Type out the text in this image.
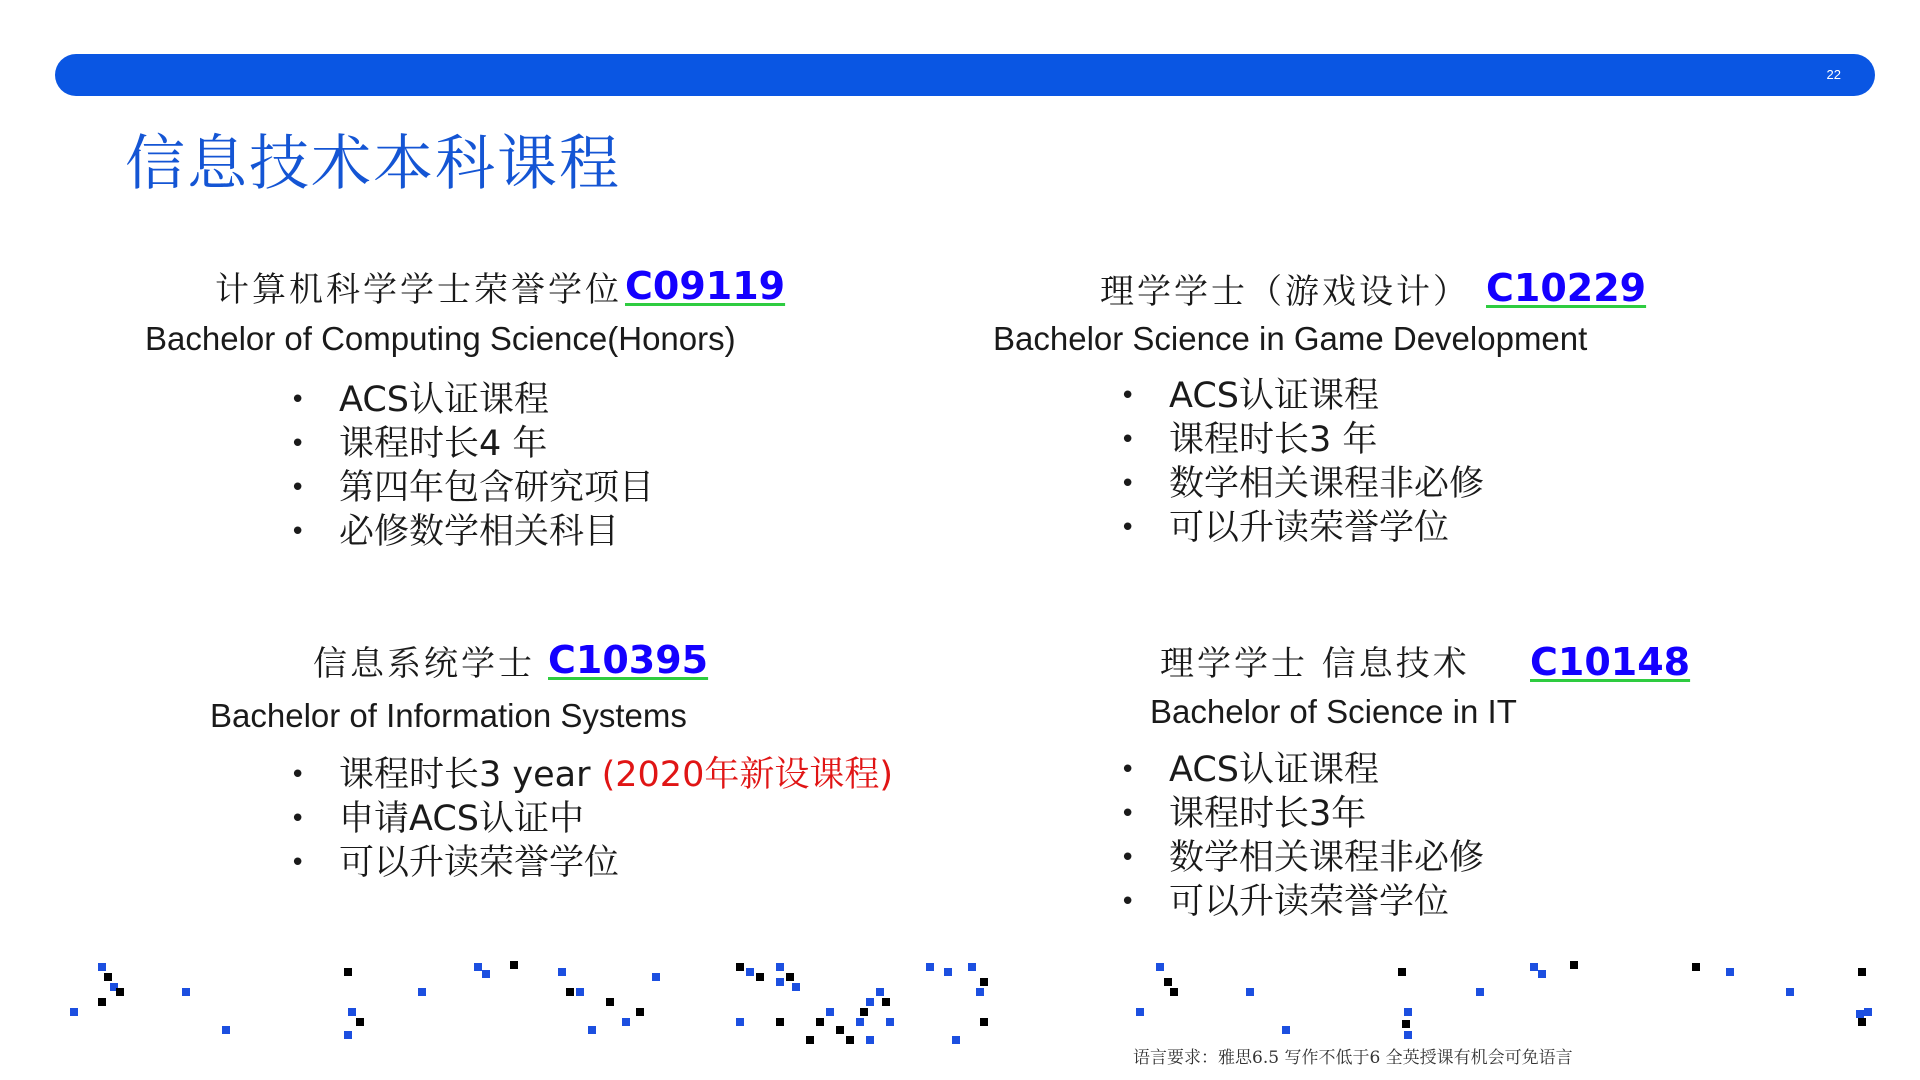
22
信息技术本科课程
计算机科学学士荣誉学位 C09119
Bachelor of Computing Science(Honors)
• ACS认证课程
• 课程时长4 年
• 第四年包含研究项目
• 必修数学相关科目
理学学士（游戏设计） C10229
Bachelor Science in Game Development
• ACS认证课程
• 课程时长3 年
• 数学相关课程非必修
• 可以升读荣誉学位
信息系统学士 C10395
Bachelor of Information Systems
• 课程时长3 year (2020年新设课程)
• 申请ACS认证中
• 可以升读荣誉学位
理学学士 信息技术 C10148
Bachelor of Science in IT
• ACS认证课程
• 课程时长3年
• 数学相关课程非必修
• 可以升读荣誉学位
语言要求：雅思6.5 写作不低于6 全英授课有机会可免语言
